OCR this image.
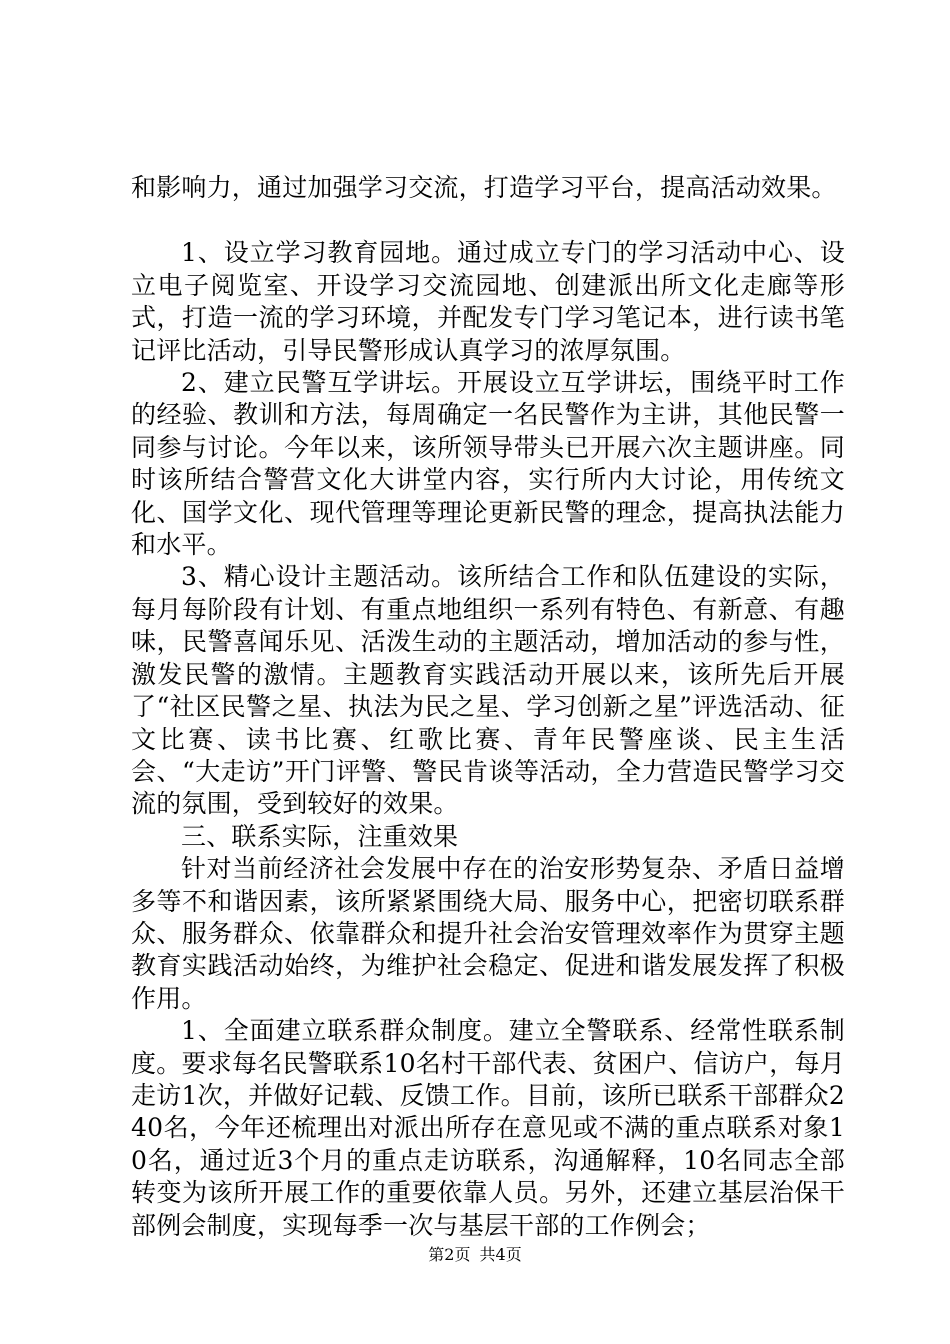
和影响力，通过加强学习交流，打造学习平台，提高活动效果。

1、设立学习教育园地。通过成立专门的学习活动中心、设立电子阅览室、开设学习交流园地、创建派出所文化走廊等形式，打造一流的学习环境，并配发专门学习笔记本，进行读书笔记评比活动，引导民警形成认真学习的浓厚氛围。

2、建立民警互学讲坛。开展设立互学讲坛，围绕平时工作的经验、教训和方法，每周确定一名民警作为主讲，其他民警一同参与讨论。今年以来，该所领导带头已开展六次主题讲座。同时该所结合警营文化大讲堂内容，实行所内大讨论，用传统文化、国学文化、现代管理等理论更新民警的理念，提高执法能力和水平。

3、精心设计主题活动。该所结合工作和队伍建设的实际，每月每阶段有计划、有重点地组织一系列有特色、有新意、有趣味，民警喜闻乐见、活泼生动的主题活动，增加活动的参与性，激发民警的激情。主题教育实践活动开展以来，该所先后开展了“社区民警之星、执法为民之星、学习创新之星”评选活动、征文比赛、读书比赛、红歌比赛、青年民警座谈、民主生活会、“大走访”开门评警、警民肯谈等活动，全力营造民警学习交流的氛围，受到较好的效果。

三、联系实际，注重效果

针对当前经济社会发展中存在的治安形势复杂、矛盾日益增多等不和谐因素，该所紧紧围绕大局、服务中心，把密切联系群众、服务群众、依靠群众和提升社会治安管理效率作为贯穿主题教育实践活动始终，为维护社会稳定、促进和谐发展发挥了积极作用。

1、全面建立联系群众制度。建立全警联系、经常性联系制度。要求每名民警联系10名村干部代表、贫困户、信访户，每月走访1次，并做好记载、反馈工作。目前，该所已联系干部群众240名，今年还梳理出对派出所存在意见或不满的重点联系对象10名，通过近3个月的重点走访联系，沟通解释，10名同志全部转变为该所开展工作的重要依靠人员。另外，还建立基层治保干部例会制度，实现每季一次与基层干部的工作例会；

第2页 共4页
